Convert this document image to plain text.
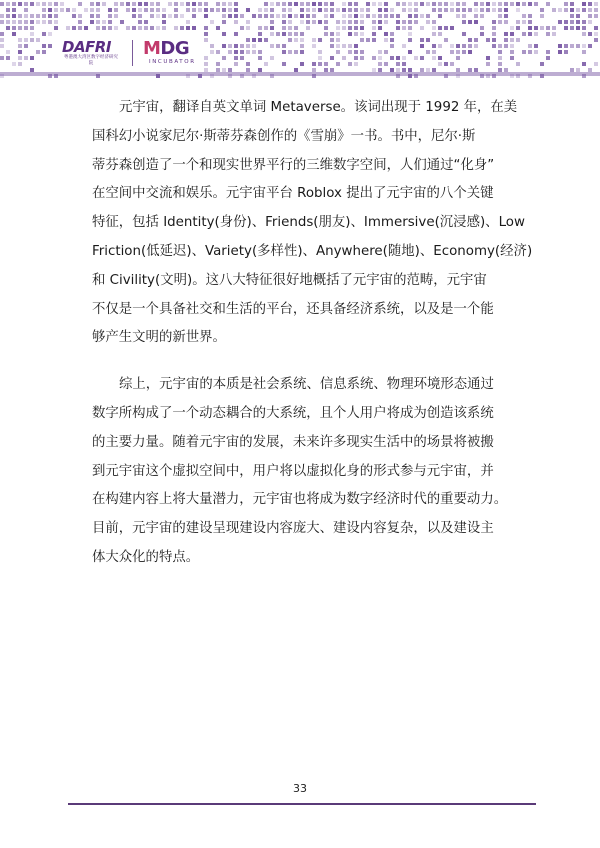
DAFRI
粤港澳大湾区数字经济研究院
MDG
INCUBATOR

元宇宙，翻译自英文单词 Metaverse。该词出现于 1992 年，在美
国科幻小说家尼尔·斯蒂芬森创作的《雪崩》一书。书中，尼尔·斯
蒂芬森创造了一个和现实世界平行的三维数字空间，人们通过“化身”
在空间中交流和娱乐。元宇宙平台 Roblox 提出了元宇宙的八个关键
特征，包括 Identity(身份)、Friends(朋友)、Immersive(沉浸感)、Low
Friction(低延迟)、Variety(多样性)、Anywhere(随地)、Economy(经济)
和 Civility(文明)。这八大特征很好地概括了元宇宙的范畴，元宇宙
不仅是一个具备社交和生活的平台，还具备经济系统，以及是一个能
够产生文明的新世界。

综上，元宇宙的本质是社会系统、信息系统、物理环境形态通过
数字所构成了一个动态耦合的大系统，且个人用户将成为创造该系统
的主要力量。随着元宇宙的发展，未来许多现实生活中的场景将被搬
到元宇宙这个虚拟空间中，用户将以虚拟化身的形式参与元宇宙，并
在构建内容上将大量潜力，元宇宙也将成为数字经济时代的重要动力。
目前，元宇宙的建设呈现建设内容庞大、建设内容复杂，以及建设主
体大众化的特点。

33
